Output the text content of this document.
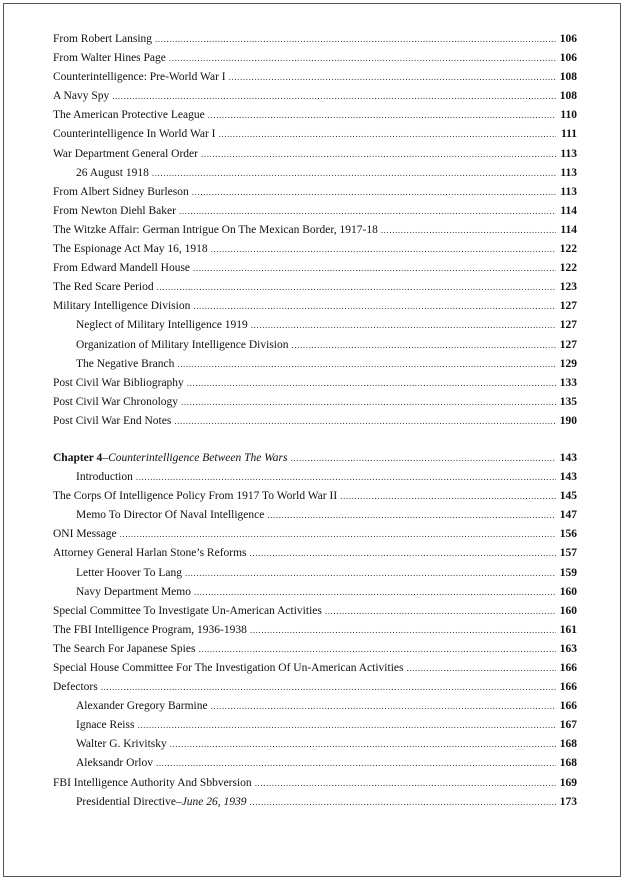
From Robert Lansing .....	106
From Walter Hines Page .....	106
Counterintelligence: Pre-World War I .....	108
A Navy Spy .....	108
The American Protective League .....	110
Counterintelligence In World War I .....	111
War Department General Order .....	113
26 August 1918 .....	113
From Albert Sidney Burleson .....	113
From Newton Diehl Baker .....	114
The Witzke Affair: German Intrigue On The Mexican Border, 1917-18 .....	114
The Espionage Act May 16, 1918 .....	122
From Edward Mandell House .....	122
The Red Scare Period .....	123
Military Intelligence Division .....	127
Neglect of Military Intelligence 1919 .....	127
Organization of Military Intelligence Division .....	127
The Negative Branch .....	129
Post Civil War Bibliography .....	133
Post Civil War Chronology .....	135
Post Civil War End Notes .....	190
Chapter 4–Counterintelligence Between The Wars .....	143
Introduction .....	143
The Corps Of Intelligence Policy From 1917 To World War II .....	145
Memo To Director Of Naval Intelligence .....	147
ONI Message .....	156
Attorney General Harlan Stone’s Reforms .....	157
Letter Hoover To Lang .....	159
Navy Department Memo .....	160
Special Committee To Investigate Un-American Activities .....	160
The FBI Intelligence Program, 1936-1938 .....	161
The Search For Japanese Spies .....	163
Special House Committee For The Investigation Of Un-American Activities .....	166
Defectors .....	166
Alexander Gregory Barmine .....	166
Ignace Reiss .....	167
Walter G. Krivitsky .....	168
Aleksandr Orlov .....	168
FBI Intelligence Authority And Sbbversion .....	169
Presidential Directive–June 26, 1939 .....	173
